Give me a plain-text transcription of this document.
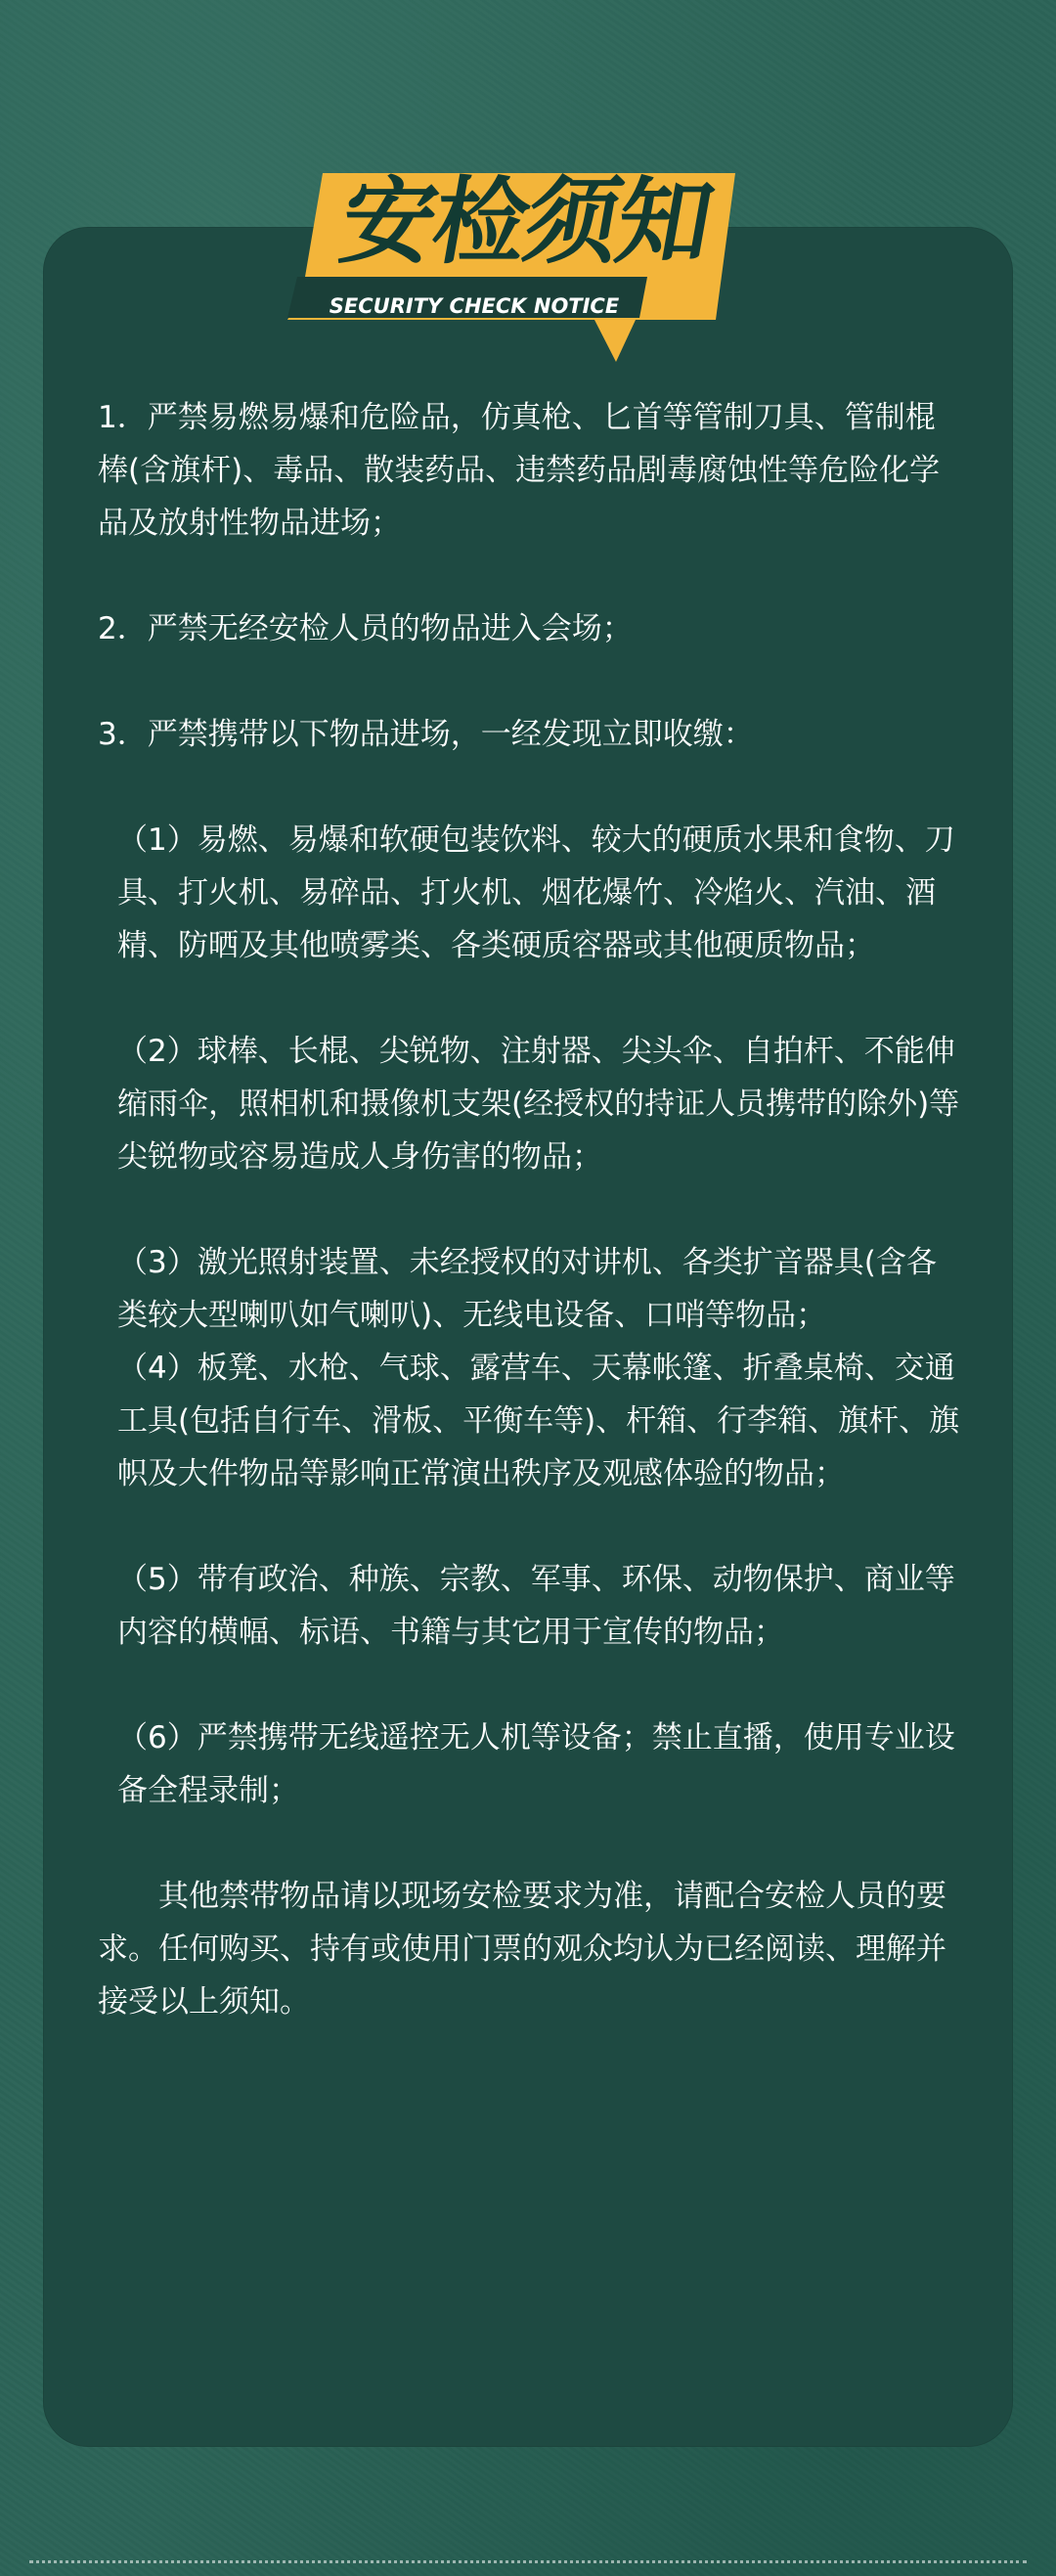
安检须知
SECURITY CHECK NOTICE

1．严禁易燃易爆和危险品，仿真枪、匕首等管制刀具、管制棍棒(含旗杆)、毒品、散装药品、违禁药品剧毒腐蚀性等危险化学品及放射性物品进场；

2．严禁无经安检人员的物品进入会场；

3．严禁携带以下物品进场，一经发现立即收缴：

（1）易燃、易爆和软硬包装饮料、较大的硬质水果和食物、刀具、打火机、易碎品、打火机、烟花爆竹、冷焰火、汽油、酒精、防晒及其他喷雾类、各类硬质容器或其他硬质物品；

（2）球棒、长棍、尖锐物、注射器、尖头伞、自拍杆、不能伸缩雨伞，照相机和摄像机支架(经授权的持证人员携带的除外)等尖锐物或容易造成人身伤害的物品；

（3）激光照射装置、未经授权的对讲机、各类扩音器具(含各类较大型喇叭如气喇叭)、无线电设备、口哨等物品；

（4）板凳、水枪、气球、露营车、天幕帐篷、折叠桌椅、交通工具(包括自行车、滑板、平衡车等)、杆箱、行李箱、旗杆、旗帜及大件物品等影响正常演出秩序及观感体验的物品；

（5）带有政治、种族、宗教、军事、环保、动物保护、商业等内容的横幅、标语、书籍与其它用于宣传的物品；

（6）严禁携带无线遥控无人机等设备；禁止直播，使用专业设备全程录制；

其他禁带物品请以现场安检要求为准，请配合安检人员的要求。任何购买、持有或使用门票的观众均认为已经阅读、理解并接受以上须知。
